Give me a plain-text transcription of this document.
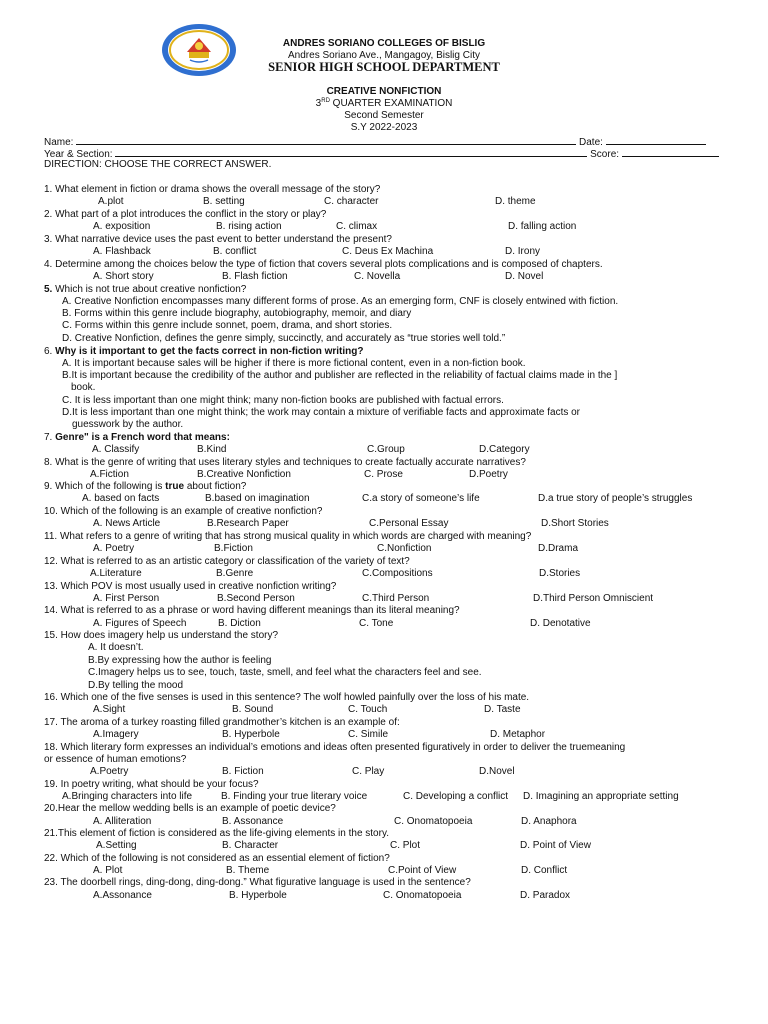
ANDRES SORIANO COLLEGES OF BISLIG
Andres Soriano Ave., Mangagoy, Bislig City
SENIOR HIGH SCHOOL DEPARTMENT
CREATIVE NONFICTION
3RD QUARTER EXAMINATION
Second Semester
S.Y 2022-2023
Name:	Date:
Year & Section:	Score:
DIRECTION: CHOOSE THE CORRECT ANSWER.
1. What element in fiction or drama shows the overall message of the story?
A.plot	B. setting	C. character	D. theme
2. What part of a plot introduces the conflict in the story or play?
A. exposition	B. rising action	C. climax	D. falling action
3. What narrative device uses the past event to better understand the present?
A. Flashback	B. conflict	C. Deus Ex Machina	D. Irony
4. Determine among the choices below the type of fiction that covers several plots complications and is composed of chapters.
A. Short story	B. Flash fiction	C. Novella	D. Novel
5. Which is not true about creative nonfiction?
A. Creative Nonfiction encompasses many different forms of prose. As an emerging form, CNF is closely entwined with fiction.
B. Forms within this genre include biography, autobiography, memoir, and diary
C. Forms within this genre include sonnet, poem, drama, and short stories.
D. Creative Nonfiction, defines the genre simply, succinctly, and accurately as “true stories well told.”
6. Why is it important to get the facts correct in non-fiction writing?
A. It is important because sales will be higher if there is more fictional content, even in a non-fiction book.
B.It is important because the credibility of the author and publisher are reflected in the reliability of factual claims made in the ]
book.
C. It is less important than one might think; many non-fiction books are published with factual errors.
D.It is less important than one might think; the work may contain a mixture of verifiable facts and approximate facts or
guesswork by the author.
7. Genre" is a French word that means:
A. Classify	B.Kind	C.Group	D.Category
8. What is the genre of writing that uses literary styles and techniques to create factually accurate narratives?
A.Fiction	B.Creative Nonfiction	C. Prose	D.Poetry
9. Which of the following is true about fiction?
A. based on facts	B.based on imagination	C.a story of someone’s life	D.a true story of people’s struggles
10. Which of the following is an example of creative nonfiction?
A. News Article	B.Research Paper	C.Personal Essay	D.Short Stories
11. What refers to a genre of writing that has strong musical quality in which words are charged with meaning?
A. Poetry	B.Fiction	C.Nonfiction	D.Drama
12. What is referred to as an artistic category or classification of the variety of text?
A.Literature	B.Genre	C.Compositions	D.Stories
13. Which POV is most usually used in creative nonfiction writing?
A. First Person	B.Second Person	C.Third Person	D.Third Person Omniscient
14. What is referred to as a phrase or word having different meanings than its literal meaning?
A. Figures of Speech	B. Diction	C. Tone	D. Denotative
15. How does imagery help us understand the story?
A. It doesn’t.
B.By expressing how the author is feeling
C.Imagery helps us to see, touch, taste, smell, and feel what the characters feel and see.
D.By telling the mood
16. Which one of the five senses is used in this sentence? The wolf howled painfully over the loss of his mate.
A.Sight	B. Sound	C. Touch	D. Taste
17. The aroma of a turkey roasting filled grandmother’s kitchen is an example of:
A.Imagery	B. Hyperbole	C. Simile	D. Metaphor
18. Which literary form expresses an individual’s emotions and ideas often presented figuratively in order to deliver the truemeaning
or essence of human emotions?
A.Poetry	B. Fiction	C. Play	D.Novel
19. In poetry writing, what should be your focus?
A.Bringing characters into life	B. Finding your true literary voice	C. Developing a conflict D. Imagining an appropriate setting
20.Hear the mellow wedding bells is an example of poetic device?
A. Alliteration	B. Assonance	C. Onomatopoeia	D. Anaphora
21.This element of fiction is considered as the life-giving elements in the story.
A.Setting	B. Character	C. Plot	D. Point of View
22. Which of the following is not considered as an essential element of fiction?
A. Plot	B. Theme	C.Point of View	D. Conflict
23. The doorbell rings, ding-dong, ding-dong.” What figurative language is used in the sentence?
A.Assonance	B. Hyperbole	C. Onomatopoeia	D. Paradox
